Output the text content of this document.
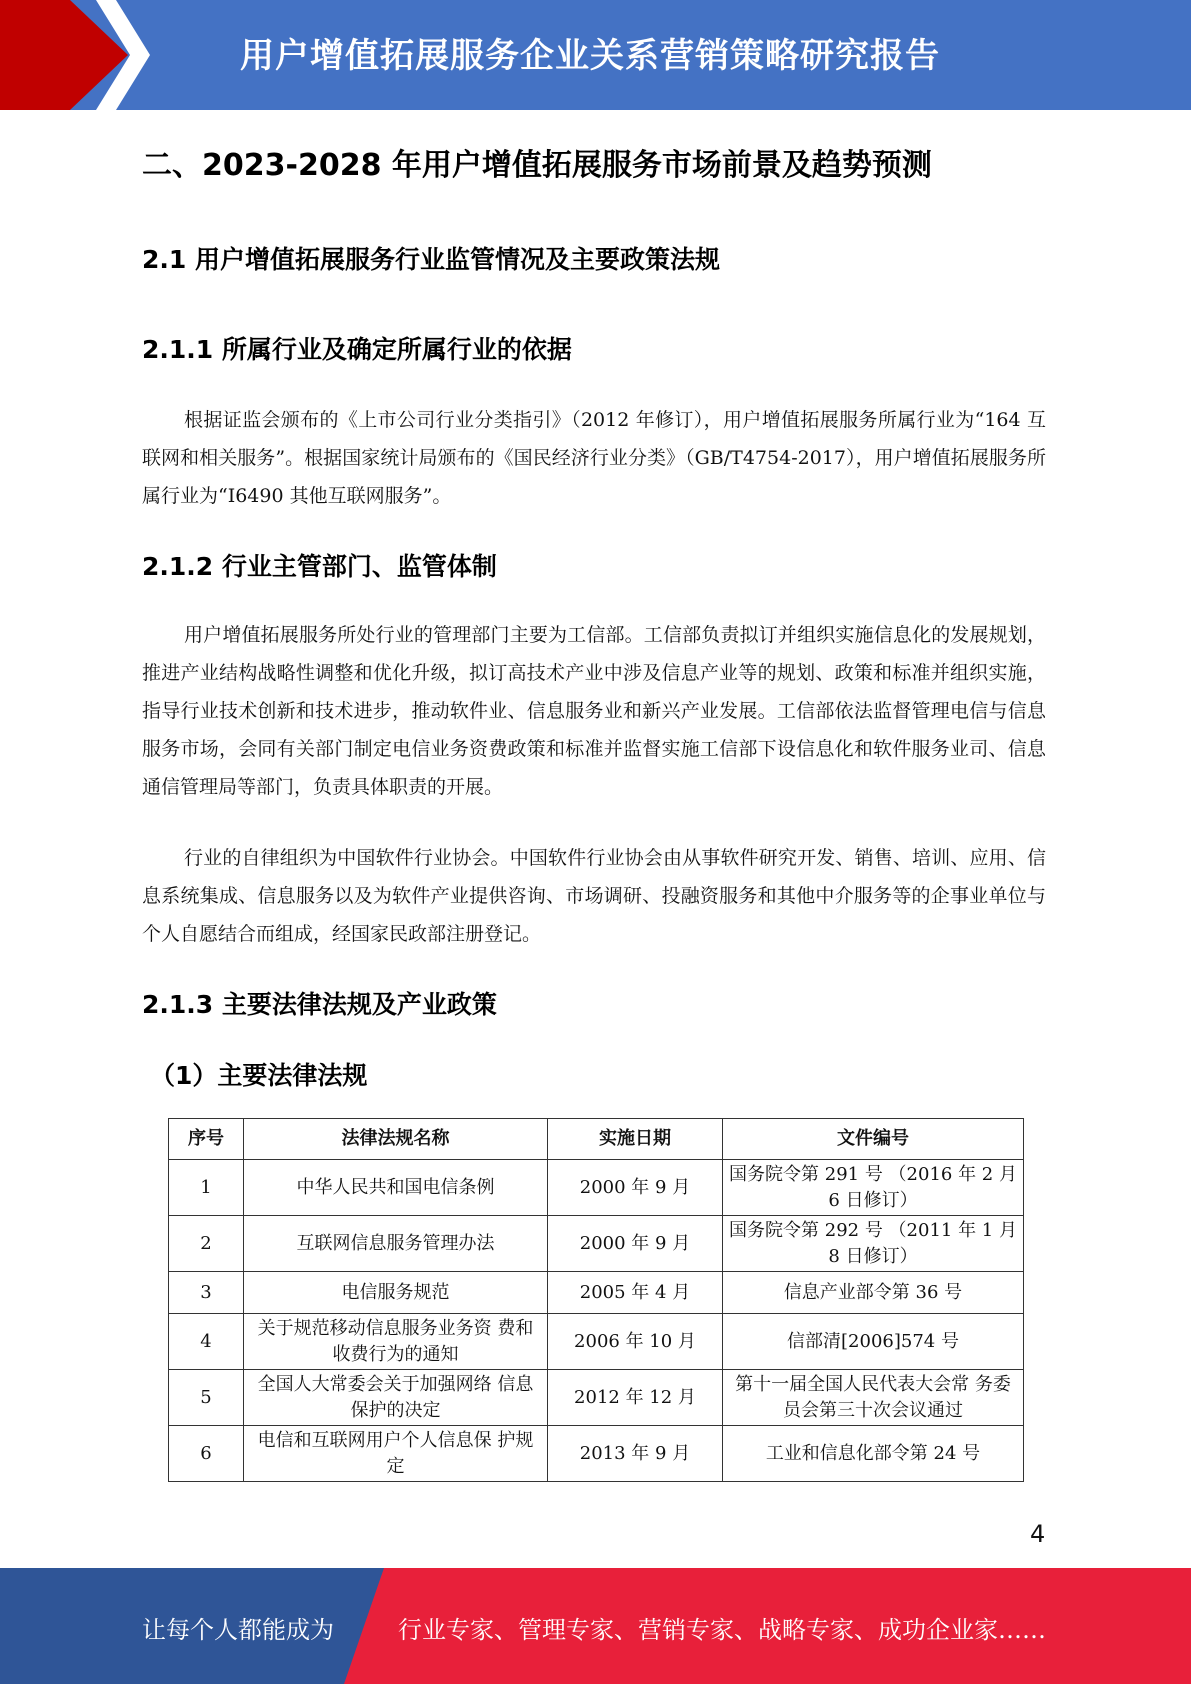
用户增值拓展服务企业关系营销策略研究报告
二、2023-2028 年用户增值拓展服务市场前景及趋势预测
2.1 用户增值拓展服务行业监管情况及主要政策法规
2.1.1 所属行业及确定所属行业的依据

根据证监会颁布的《上市公司行业分类指引》（2012 年修订），用户增值拓展服务所属行业为“164 互联网和相关服务”。根据国家统计局颁布的《国民经济行业分类》（GB/T4754-2017），用户增值拓展服务所属行业为“I6490 其他互联网服务”。

2.1.2 行业主管部门、监管体制

用户增值拓展服务所处行业的管理部门主要为工信部。工信部负责拟订并组织实施信息化的发展规划，推进产业结构战略性调整和优化升级，拟订高技术产业中涉及信息产业等的规划、政策和标准并组织实施，指导行业技术创新和技术进步，推动软件业、信息服务业和新兴产业发展。工信部依法监督管理电信与信息服务市场，会同有关部门制定电信业务资费政策和标准并监督实施工信部下设信息化和软件服务业司、信息通信管理局等部门，负责具体职责的开展。

行业的自律组织为中国软件行业协会。中国软件行业协会由从事软件研究开发、销售、培训、应用、信息系统集成、信息服务以及为软件产业提供咨询、市场调研、投融资服务和其他中介服务等的企事业单位与个人自愿结合而组成，经国家民政部注册登记。

2.1.3 主要法律法规及产业政策
（1）主要法律法规
序号	法律法规名称	实施日期	文件编号
1	中华人民共和国电信条例	2000 年 9 月	国务院令第 291 号 （2016 年 2 月 6 日修订）
2	互联网信息服务管理办法	2000 年 9 月	国务院令第 292 号 （2011 年 1 月 8 日修订）
3	电信服务规范	2005 年 4 月	信息产业部令第 36 号
4	关于规范移动信息服务业务资 费和收费行为的通知	2006 年 10 月	信部清[2006]574 号
5	全国人大常委会关于加强网络 信息保护的决定	2012 年 12 月	第十一届全国人民代表大会常 务委员会第三十次会议通过
6	电信和互联网用户个人信息保 护规定	2013 年 9 月	工业和信息化部令第 24 号
4
让每个人都能成为	行业专家、管理专家、营销专家、战略专家、成功企业家……
